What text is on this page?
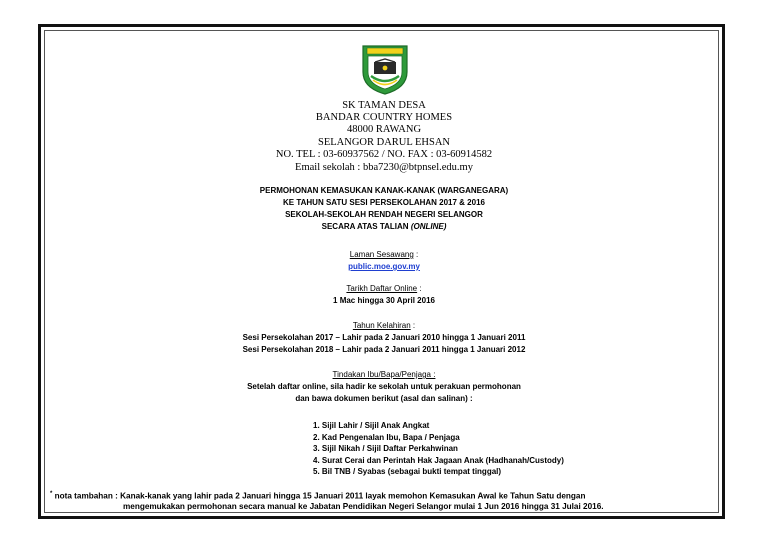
SK TAMAN DESA
BANDAR COUNTRY HOMES
48000 RAWANG
SELANGOR DARUL EHSAN
NO. TEL : 03-60937562 / NO. FAX : 03-60914582
Email sekolah : bba7230@btpnsel.edu.my
PERMOHONAN KEMASUKAN KANAK-KANAK (WARGANEGARA)
KE TAHUN SATU SESI PERSEKOLAHAN 2017 & 2016
SEKOLAH-SEKOLAH RENDAH NEGERI SELANGOR
SECARA ATAS TALIAN (ONLINE)
Laman Sesawang :
public.moe.gov.my
Tarikh Daftar Online :
1 Mac hingga 30 April 2016
Tahun Kelahiran :
Sesi Persekolahan 2017 – Lahir pada 2 Januari 2010 hingga 1 Januari 2011
Sesi Persekolahan 2018 – Lahir pada 2 Januari 2011 hingga 1 Januari 2012
Tindakan Ibu/Bapa/Penjaga :
Setelah daftar online, sila hadir ke sekolah untuk perakuan permohonan
dan bawa dokumen berikut (asal dan salinan) :
1. Sijil Lahir / Sijil Anak Angkat
2. Kad Pengenalan Ibu, Bapa / Penjaga
3. Sijil Nikah / Sijil Daftar Perkahwinan
4. Surat Cerai dan Perintah Hak Jagaan Anak (Hadhanah/Custody)
5. Bil TNB / Syabas (sebagai bukti tempat tinggal)
* nota tambahan : Kanak-kanak yang lahir pada 2 Januari hingga 15 Januari 2011 layak memohon Kemasukan Awal ke Tahun Satu dengan
mengemukakan permohonan secara manual ke Jabatan Pendidikan Negeri Selangor mulai 1 Jun 2016 hingga 31 Julai 2016.
